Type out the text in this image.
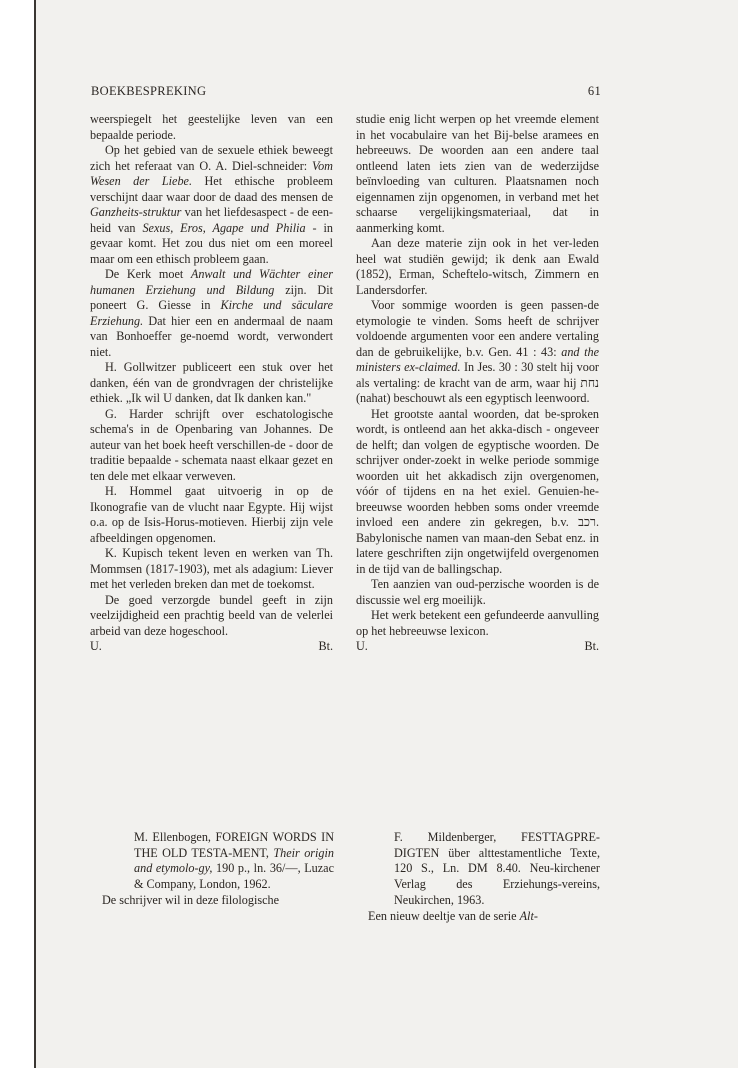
BOEKBESPREKING	61

weerspiegelt het geestelijke leven van een bepaalde periode.

Op het gebied van de sexuele ethiek beweegt zich het referaat van O. A. Diel-schneider: Vom Wesen der Liebe. Het ethische probleem verschijnt daar waar door de daad des mensen de Ganzheits-struktur van het liefdesaspect - de een-heid van Sexus, Eros, Agape und Philia - in gevaar komt. Het zou dus niet om een moreel maar om een ethisch probleem gaan.

De Kerk moet Anwalt und Wächter einer humanen Erziehung und Bildung zijn. Dit poneert G. Giesse in Kirche und säculare Erziehung. Dat hier een en andermaal de naam van Bonhoeffer ge-noemd wordt, verwondert niet.

H. Gollwitzer publiceert een stuk over het danken, één van de grondvragen der christelijke ethiek. „Ik wil U danken, dat Ik danken kan."

G. Harder schrijft over eschatologische schema's in de Openbaring van Johannes. De auteur van het boek heeft verschillen-de - door de traditie bepaalde - schemata naast elkaar gezet en ten dele met elkaar verweven.

H. Hommel gaat uitvoerig in op de Ikonografie van de vlucht naar Egypte. Hij wijst o.a. op de Isis-Horus-motieven. Hierbij zijn vele afbeeldingen opgenomen.

K. Kupisch tekent leven en werken van Th. Mommsen (1817-1903), met als adagium: Liever met het verleden breken dan met de toekomst.

De goed verzorgde bundel geeft in zijn veelzijdigheid een prachtig beeld van de velerlei arbeid van deze hogeschool.

U.	Bt.

studie enig licht werpen op het vreemde element in het vocabulaire van het Bij-belse aramees en hebreeuws. De woorden aan een andere taal ontleend laten iets zien van de wederzijdse beïnvloeding van culturen. Plaatsnamen noch eigennamen zijn opgenomen, in verband met het schaarse vergelijkingsmateriaal, dat in aanmerking komt.

Aan deze materie zijn ook in het ver-leden heel wat studiën gewijd; ik denk aan Ewald (1852), Erman, Scheftelo-witsch, Zimmern en Landersdorfer.

Voor sommige woorden is geen passen-de etymologie te vinden. Soms heeft de schrijver voldoende argumenten voor een andere vertaling dan de gebruikelijke, b.v. Gen. 41 : 43: and the ministers ex-claimed. In Jes. 30 : 30 stelt hij voor als vertaling: de kracht van de arm, waar hij נחת (nahat) beschouwt als een egyptisch leenwoord.

Het grootste aantal woorden, dat be-sproken wordt, is ontleend aan het akka-disch - ongeveer de helft; dan volgen de egyptische woorden. De schrijver onder-zoekt in welke periode sommige woorden uit het akkadisch zijn overgenomen, vóór of tijdens en na het exiel. Genuien-he-breeuwse woorden hebben soms onder vreemde invloed een andere zin gekregen, b.v. רכב. Babylonische namen van maan-den Sebat enz. in latere geschriften zijn ongetwijfeld overgenomen in de tijd van de ballingschap.

Ten aanzien van oud-perzische woorden is de discussie wel erg moeilijk.

Het werk betekent een gefundeerde aanvulling op het hebreeuwse lexicon.

U.	Bt.
M. Ellenbogen, FOREIGN WORDS IN THE OLD TESTA-MENT, Their origin and etymolo-gy, 190 p., ln. 36/—, Luzac & Company, London, 1962.
De schrijver wil in deze filologische
F. Mildenberger, FESTTAGPRE-DIGTEN über alttestamentliche Texte, 120 S., Ln. DM 8.40. Neu-kirchener Verlag des Erziehungs-vereins, Neukirchen, 1963.
Een nieuw deeltje van de serie Alt-
